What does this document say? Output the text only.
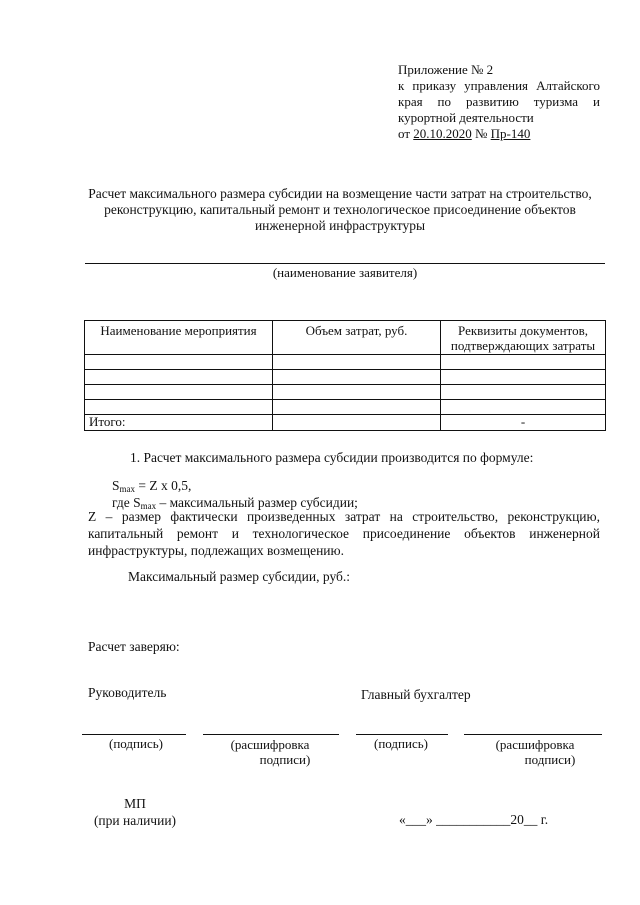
Приложение № 2
к приказу управления Алтайского
края по развитию туризма и
курортной деятельности
от 20.10.2020 № Пр-140
Расчет максимального размера субсидии на возмещение части затрат на строительство,
реконструкцию, капитальный ремонт и технологическое присоединение объектов
инженерной инфраструктуры
(наименование заявителя)
Наименование мероприятия	Объем затрат, руб.	Реквизиты документов, подтверждающих затраты

Итого:		-
1. Расчет максимального размера субсидии производится по формуле:
$S_{max} = Z$ x 0,5,
где $S_{max}$ – максимальный размер субсидии;
Z – размер фактически произведенных затрат на строительство, реконструкцию,
капитальный ремонт и технологическое присоединение объектов инженерной
инфраструктуры, подлежащих возмещению.
Максимальный размер субсидии, руб.:
Расчет заверяю:
Руководитель	Главный бухгалтер
(подпись)	(расшифровка
подписи)
(подпись)	(расшифровка
подписи)
МП
(при наличии)	«___» ___________20__ г.
